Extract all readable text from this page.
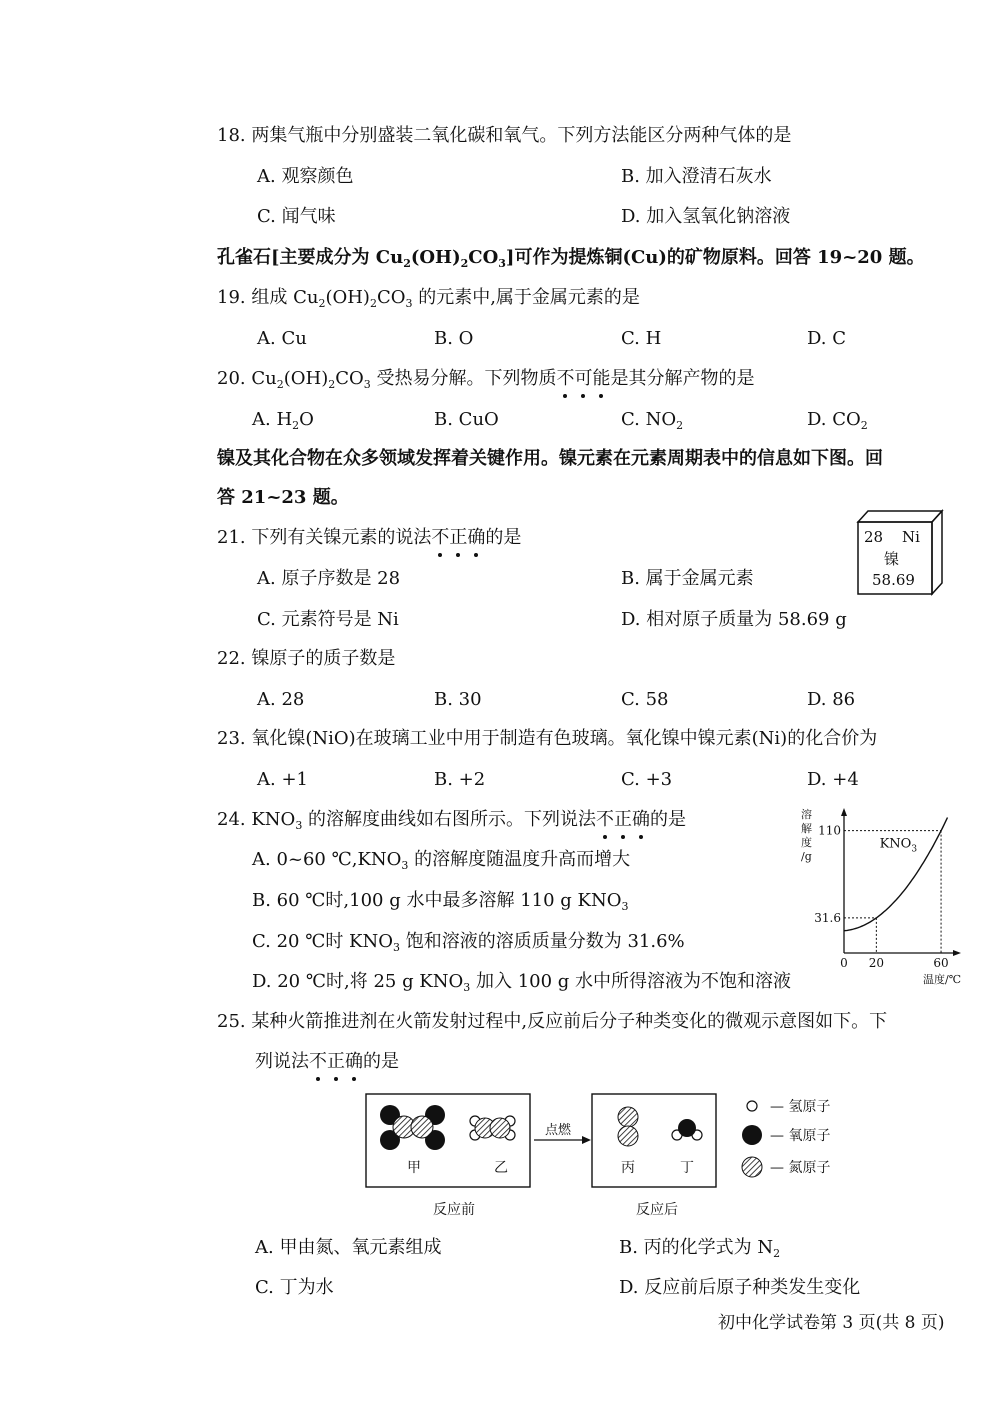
18. 两集气瓶中分别盛装二氧化碳和氧气。下列方法能区分两种气体的是
A. 观察颜色	B. 加入澄清石灰水
C. 闻气味	D. 加入氢氧化钠溶液
孔雀石[主要成分为 $Cu_2(OH)_2CO_3$]可作为提炼铜(Cu)的矿物原料。回答 19~20 题。
19. 组成 $Cu_2(OH)_2CO_3$ 的元素中,属于金属元素的是
A. Cu	B. O	C. H	D. C
20. $Cu_2(OH)_2CO_3$ 受热易分解。下列物质不可能是其分解产物的是
A. $H_2O$	B. CuO	C. $NO_2$	D. $CO_2$
镍及其化合物在众多领域发挥着关键作用。镍元素在元素周期表中的信息如下图。回
答 21~23 题。
28 Ni
镍
58.69
21. 下列有关镍元素的说法不正确的是
A. 原子序数是 28	B. 属于金属元素
C. 元素符号是 Ni	D. 相对原子质量为 58.69 g
22. 镍原子的质子数是
A. 28	B. 30	C. 58	D. 86
23. 氧化镍(NiO)在玻璃工业中用于制造有色玻璃。氧化镍中镍元素(Ni)的化合价为
A. +1	B. +2	C. +3	D. +4
24. $KNO_3$ 的溶解度曲线如右图所示。下列说法不正确的是
A. 0~60 $℃,KNO_3$ 的溶解度随温度升高而增大
B. 60 ℃时,100 g 水中最多溶解 110 g $KNO_3$
C. 20 ℃时 $KNO_3$ 饱和溶液的溶质质量分数为 31.6%
D. 20 ℃时,将 25 g $KNO_3$ 加入 100 g 水中所得溶液为不饱和溶液
溶
解
度
/g
0 20	60
31.6
110
$KNO_3$
温度/℃
25. 某种火箭推进剂在火箭发射过程中,反应前后分子种类变化的微观示意图如下。下
列说法不正确的是
甲	乙
点燃
丙	丁
反应前	反应后
— 氢原子
— 氧原子
— 氮原子
A. 甲由氮、氧元素组成	B. 丙的化学式为 $N_2$
C. 丁为水	D. 反应前后原子种类发生变化
初中化学试卷第 3 页(共 8 页)
